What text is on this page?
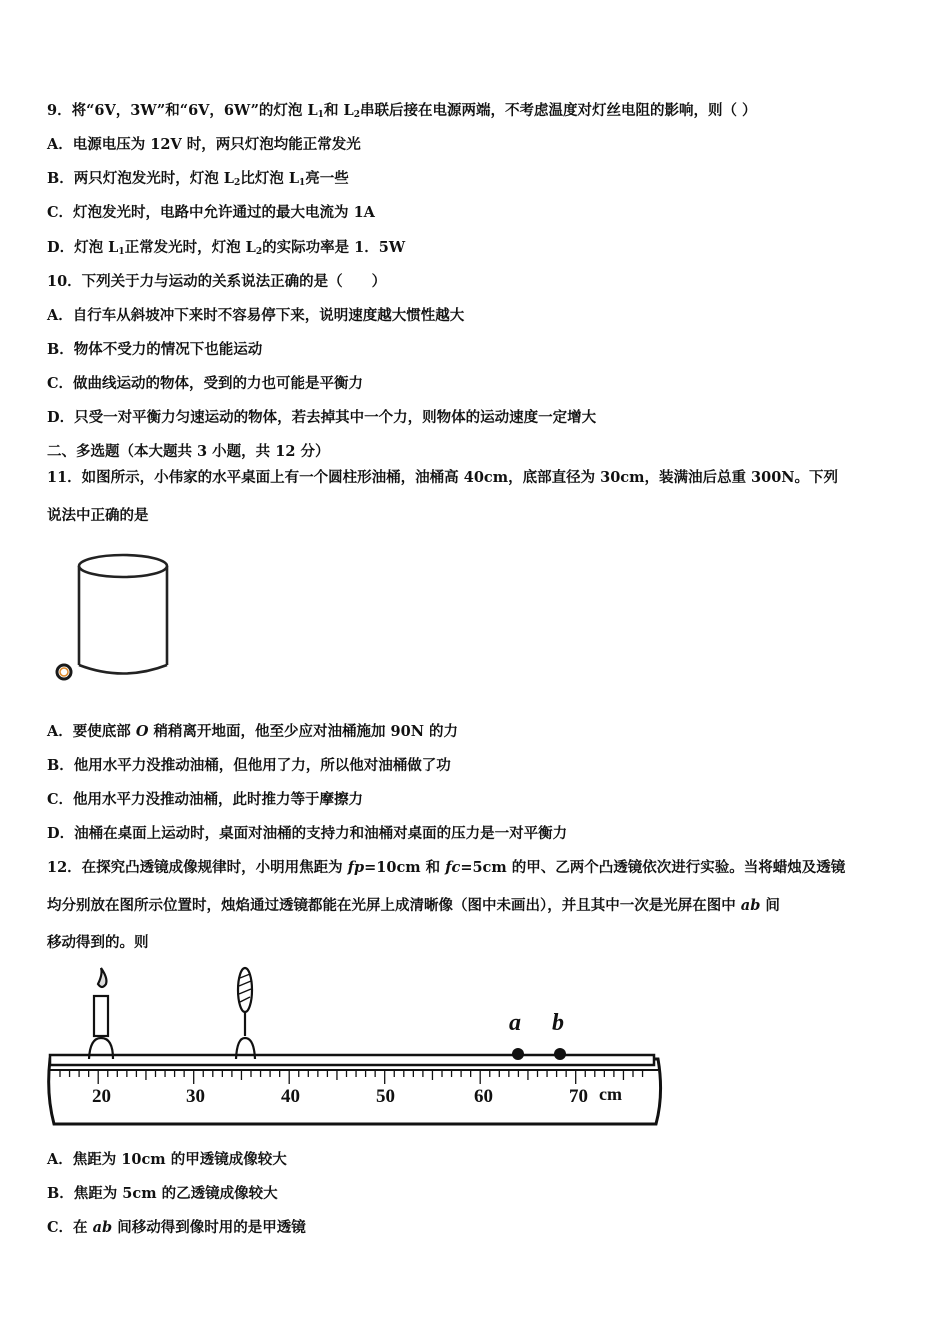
9．将“6V，3W”和“6V，6W”的灯泡 $L_1$和 $L_2$串联后接在电源两端，不考虑温度对灯丝电阻的影响，则（ ）
A．电源电压为 12V 时，两只灯泡均能正常发光
B．两只灯泡发光时，灯泡 $L_2$比灯泡 $L_1$亮一些
C．灯泡发光时，电路中允许通过的最大电流为 1A
D．灯泡 $L_1$正常发光时，灯泡 $L_2$的实际功率是 1．5W
10．下列关于力与运动的关系说法正确的是（　　）
A．自行车从斜坡冲下来时不容易停下来，说明速度越大惯性越大
B．物体不受力的情况下也能运动
C．做曲线运动的物体，受到的力也可能是平衡力
D．只受一对平衡力匀速运动的物体，若去掉其中一个力，则物体的运动速度一定增大
二、多选题（本大题共 3 小题，共 12 分）
11．如图所示，小伟家的水平桌面上有一个圆柱形油桶，油桶高 40cm，底部直径为 30cm，装满油后总重 300N。下列
说法中正确的是
O
A．要使底部 O 稍稍离开地面，他至少应对油桶施加 90N 的力
B．他用水平力没推动油桶，但他用了力，所以他对油桶做了功
C．他用水平力没推动油桶，此时推力等于摩擦力
D．油桶在桌面上运动时，桌面对油桶的支持力和油桶对桌面的压力是一对平衡力
12．在探究凸透镜成像规律时，小明用焦距为 fp=10cm 和 fc=5cm 的甲、乙两个凸透镜依次进行实验。当将蜡烛及透镜
均分别放在图所示位置时，烛焰通过透镜都能在光屏上成清晰像（图中未画出），并且其中一次是光屏在图中 ab 间
移动得到的。则
20	30	40	50	60	70 cm
a b
A．焦距为 10cm 的甲透镜成像较大
B．焦距为 5cm 的乙透镜成像较大
C．在 ab 间移动得到像时用的是甲透镜
